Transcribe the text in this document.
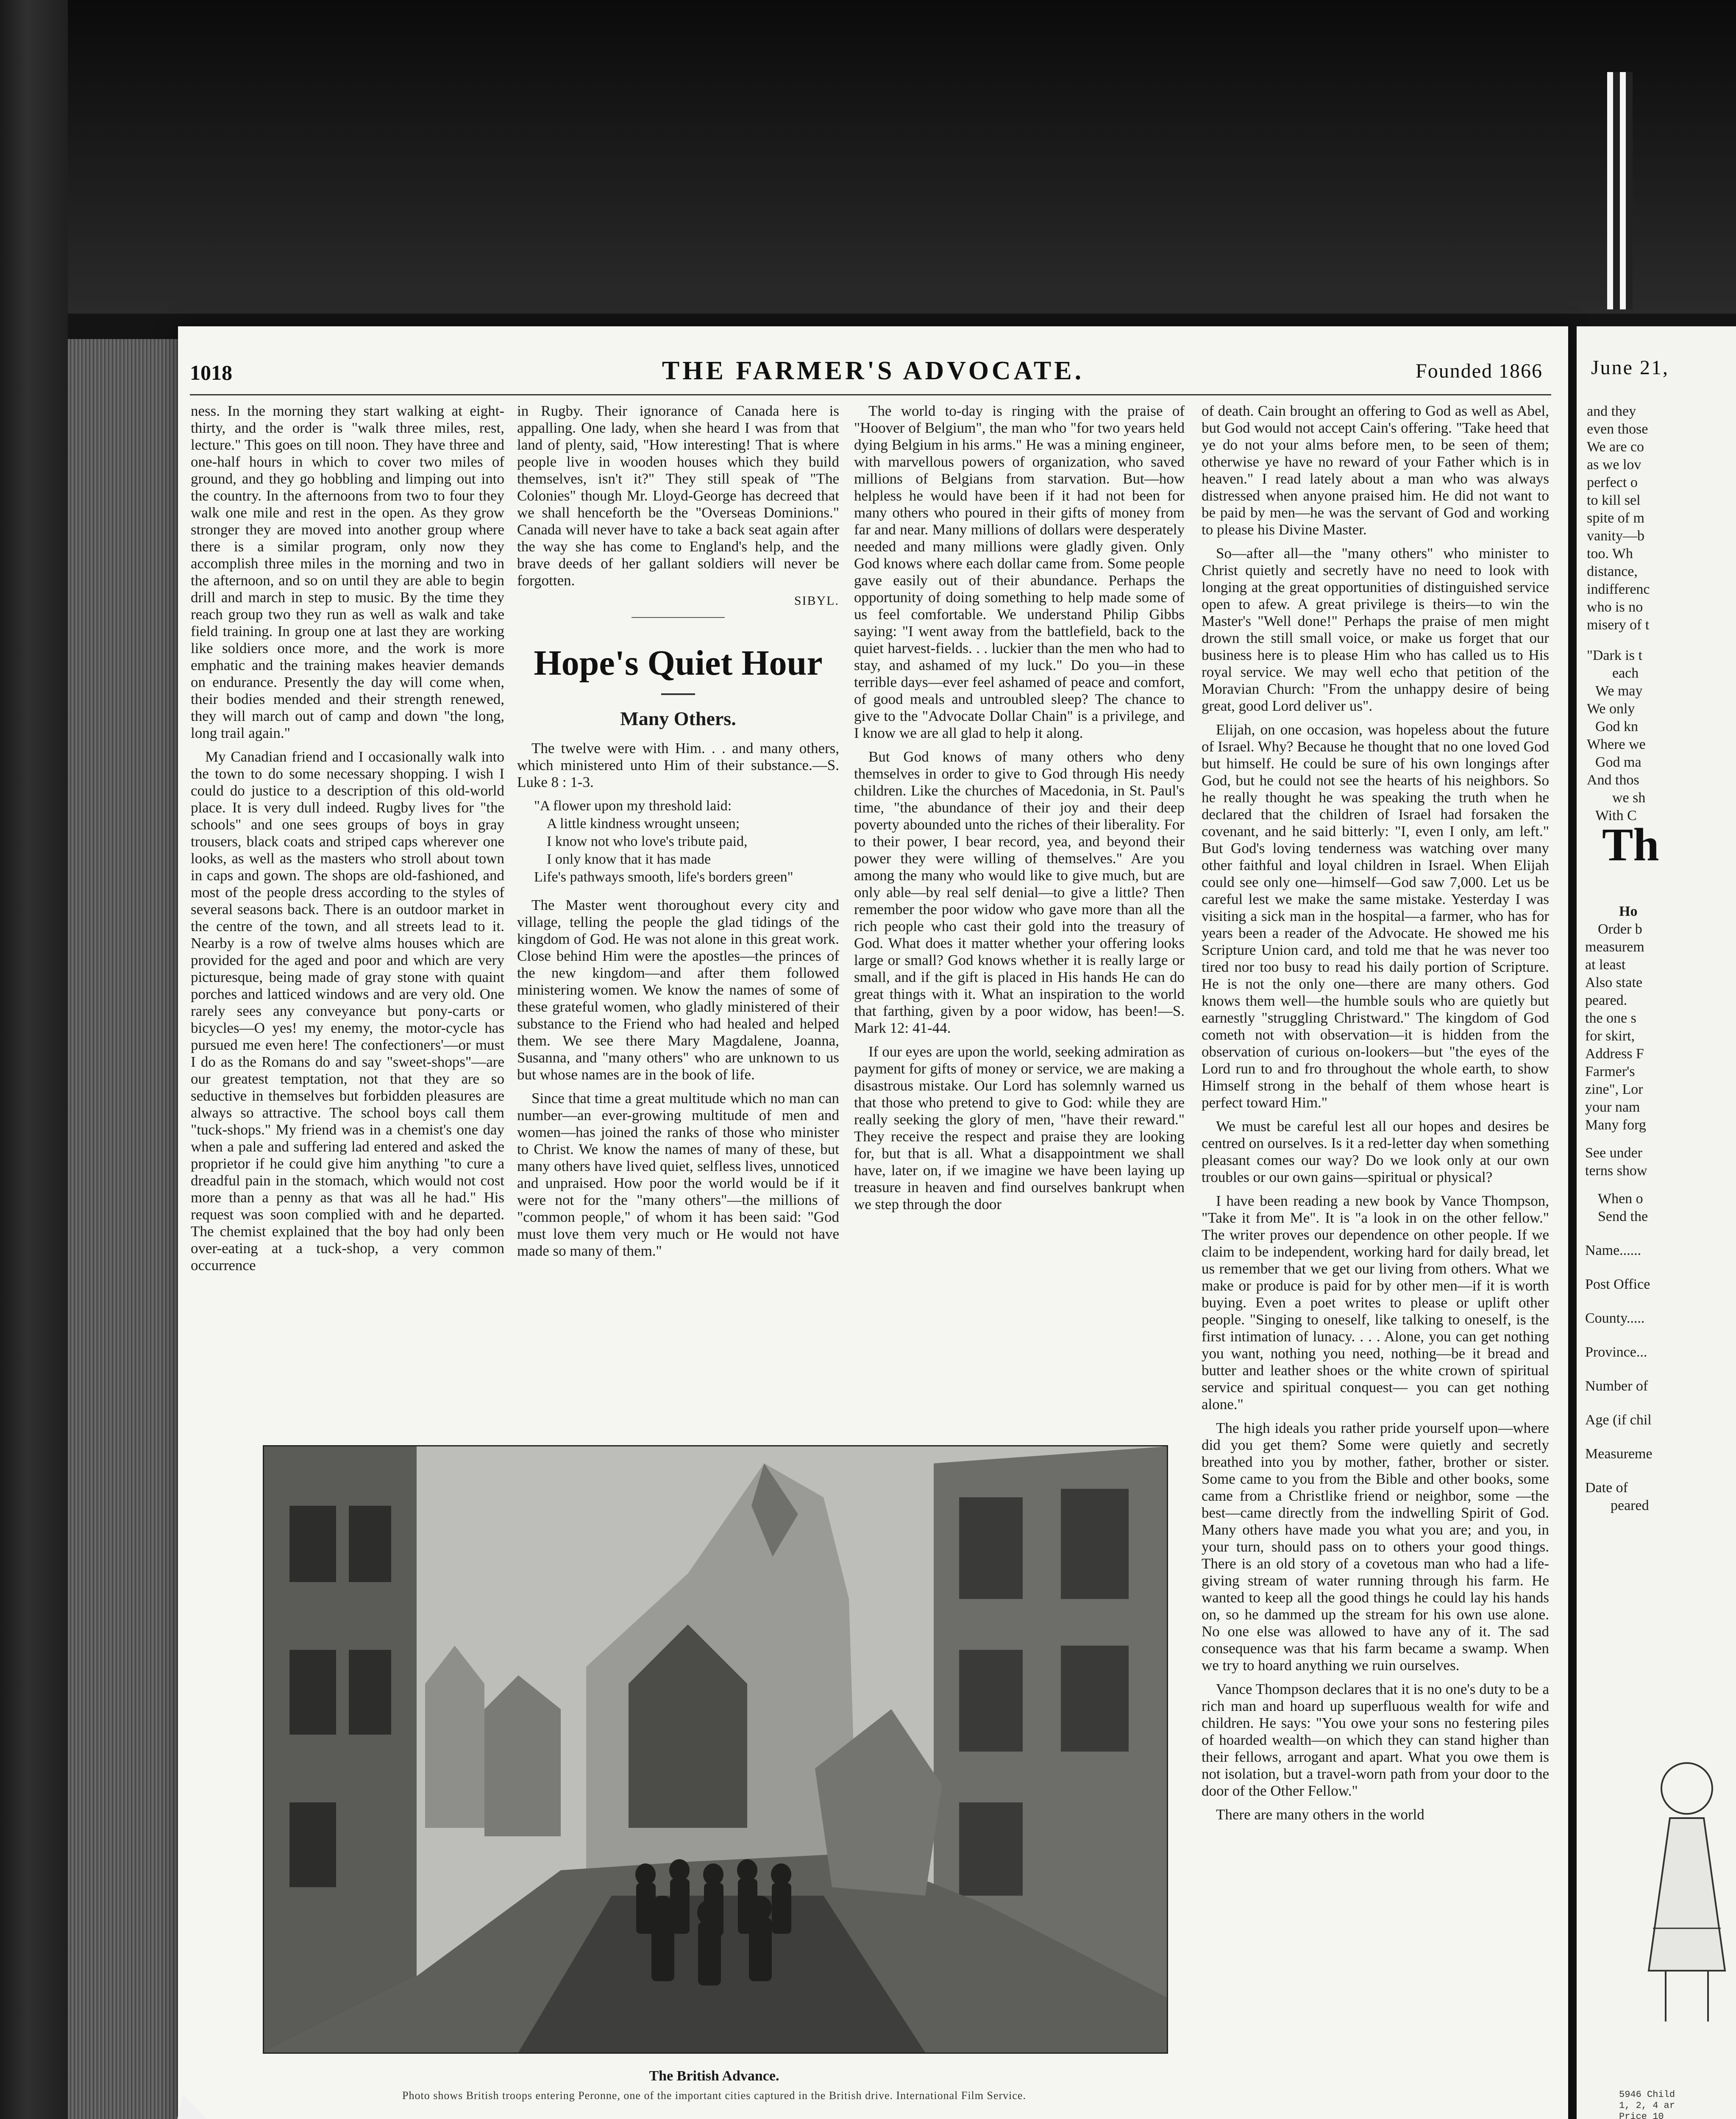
1018	THE FARMER'S ADVOCATE.	Founded 1866

ness. In the morning they start walking at eight-thirty, and the order is "walk three miles, rest, lecture." This goes on till noon. They have three and one-half hours in which to cover two miles of ground, and they go hobbling and limping out into the country. In the afternoons from two to four they walk one mile and rest in the open. As they grow stronger they are moved into another group where there is a similar program, only now they accomplish three miles in the morning and two in the afternoon, and so on until they are able to begin drill and march in step to music. By the time they reach group two they run as well as walk and take field training. In group one at last they are working like soldiers once more, and the work is more emphatic and the training makes heavier demands on endurance. Presently the day will come when, their bodies mended and their strength renewed, they will march out of camp and down "the long, long trail again."

My Canadian friend and I occasionally walk into the town to do some necessary shopping. I wish I could do justice to a description of this old-world place. It is very dull indeed. Rugby lives for "the schools" and one sees groups of boys in gray trousers, black coats and striped caps wherever one looks, as well as the masters who stroll about town in caps and gown. The shops are old-fashioned, and most of the people dress according to the styles of several seasons back. There is an outdoor market in the centre of the town, and all streets lead to it. Nearby is a row of twelve alms houses which are provided for the aged and poor and which are very picturesque, being made of gray stone with quaint porches and latticed windows and are very old. One rarely sees any conveyance but pony-carts or bicycles—O yes! my enemy, the motor-cycle has pursued me even here! The confectioners'—or must I do as the Romans do and say "sweet-shops"—are our greatest temptation, not that they are so seductive in themselves but forbidden pleasures are always so attractive. The school boys call them "tuck-shops." My friend was in a chemist's one day when a pale and suffering lad entered and asked the proprietor if he could give him anything "to cure a dreadful pain in the stomach, which would not cost more than a penny as that was all he had." His request was soon complied with and he departed. The chemist explained that the boy had only been over-eating at a tuck-shop, a very common occurrence

in Rugby. Their ignorance of Canada here is appalling. One lady, when she heard I was from that land of plenty, said, "How interesting! That is where people live in wooden houses which they build themselves, isn't it?" They still speak of "The Colonies" though Mr. Lloyd-George has decreed that we shall henceforth be the "Overseas Dominions." Canada will never have to take a back seat again after the way she has come to England's help, and the brave deeds of her gallant soldiers will never be forgotten.

SIBYL.
Hope's Quiet Hour
Many Others.

The twelve were with Him. . . and many others, which ministered unto Him of their substance.—S. Luke 8 : 1-3.

"A flower upon my threshold laid:
A little kindness wrought unseen;
I know not who love's tribute paid,
I only know that it has made
Life's pathways smooth, life's borders green"

The Master went thoroughout every city and village, telling the people the glad tidings of the kingdom of God. He was not alone in this great work. Close behind Him were the apostles—the princes of the new kingdom—and after them followed ministering women. We know the names of some of these grateful women, who gladly ministered of their substance to the Friend who had healed and helped them. We see there Mary Magdalene, Joanna, Susanna, and "many others" who are unknown to us but whose names are in the book of life.

Since that time a great multitude which no man can number—an ever-growing multitude of men and women—has joined the ranks of those who minister to Christ. We know the names of many of these, but many others have lived quiet, selfless lives, unnoticed and unpraised. How poor the world would be if it were not for the "many others"—the millions of "common people," of whom it has been said: "God must love them very much or He would not have made so many of them."

The world to-day is ringing with the praise of "Hoover of Belgium", the man who "for two years held dying Belgium in his arms." He was a mining engineer, with marvellous powers of organization, who saved millions of Belgians from starvation. But—how helpless he would have been if it had not been for many others who poured in their gifts of money from far and near. Many millions of dollars were desperately needed and many millions were gladly given. Only God knows where each dollar came from. Some people gave easily out of their abundance. Perhaps the opportunity of doing something to help made some of us feel comfortable. We understand Philip Gibbs saying: "I went away from the battlefield, back to the quiet harvest-fields. . . luckier than the men who had to stay, and ashamed of my luck." Do you—in these terrible days—ever feel ashamed of peace and comfort, of good meals and untroubled sleep? The chance to give to the "Advocate Dollar Chain" is a privilege, and I know we are all glad to help it along.

But God knows of many others who deny themselves in order to give to God through His needy children. Like the churches of Macedonia, in St. Paul's time, "the abundance of their joy and their deep poverty abounded unto the riches of their liberality. For to their power, I bear record, yea, and beyond their power they were willing of themselves." Are you among the many who would like to give much, but are only able—by real self denial—to give a little? Then remember the poor widow who gave more than all the rich people who cast their gold into the treasury of God. What does it matter whether your offering looks large or small? God knows whether it is really large or small, and if the gift is placed in His hands He can do great things with it. What an inspiration to the world that farthing, given by a poor widow, has been!—S. Mark 12: 41-44.

If our eyes are upon the world, seeking admiration as payment for gifts of money or service, we are making a disastrous mistake. Our Lord has solemnly warned us that those who pretend to give to God: while they are really seeking the glory of men, "have their reward." They receive the respect and praise they are looking for, but that is all. What a disappointment we shall have, later on, if we imagine we have been laying up treasure in heaven and find ourselves bankrupt when we step through the door

of death. Cain brought an offering to God as well as Abel, but God would not accept Cain's offering. "Take heed that ye do not your alms before men, to be seen of them; otherwise ye have no reward of your Father which is in heaven." I read lately about a man who was always distressed when anyone praised him. He did not want to be paid by men—he was the servant of God and working to please his Divine Master.

So—after all—the "many others" who minister to Christ quietly and secretly have no need to look with longing at the great opportunities of distinguished service open to afew. A great privilege is theirs—to win the Master's "Well done!" Perhaps the praise of men might drown the still small voice, or make us forget that our business here is to please Him who has called us to His royal service. We may well echo that petition of the Moravian Church: "From the unhappy desire of being great, good Lord deliver us".

Elijah, on one occasion, was hopeless about the future of Israel. Why? Because he thought that no one loved God but himself. He could be sure of his own longings after God, but he could not see the hearts of his neighbors. So he really thought he was speaking the truth when he declared that the children of Israel had forsaken the covenant, and he said bitterly: "I, even I only, am left." But God's loving tenderness was watching over many other faithful and loyal children in Israel. When Elijah could see only one—himself—God saw 7,000. Let us be careful lest we make the same mistake. Yesterday I was visiting a sick man in the hospital—a farmer, who has for years been a reader of the Advocate. He showed me his Scripture Union card, and told me that he was never too tired nor too busy to read his daily portion of Scripture. He is not the only one—there are many others. God knows them well—the humble souls who are quietly but earnestly "struggling Christward." The kingdom of God cometh not with observation—it is hidden from the observation of curious on-lookers—but "the eyes of the Lord run to and fro throughout the whole earth, to show Himself strong in the behalf of them whose heart is perfect toward Him."

We must be careful lest all our hopes and desires be centred on ourselves. Is it a red-letter day when something pleasant comes our way? Do we look only at our own troubles or our own gains—spiritual or physical?

I have been reading a new book by Vance Thompson, "Take it from Me". It is "a look in on the other fellow." The writer proves our dependence on other people. If we claim to be independent, working hard for daily bread, let us remember that we get our living from others. What we make or produce is paid for by other men—if it is worth buying. Even a poet writes to please or uplift other people. "Singing to oneself, like talking to oneself, is the first intimation of lunacy. . . . Alone, you can get nothing you want, nothing you need, nothing—be it bread and butter and leather shoes or the white crown of spiritual service and spiritual conquest— you can get nothing alone."

The high ideals you rather pride yourself upon—where did you get them? Some were quietly and secretly breathed into you by mother, father, brother or sister. Some came to you from the Bible and other books, some came from a Christlike friend or neighbor, some —the best—came directly from the indwelling Spirit of God. Many others have made you what you are; and you, in your turn, should pass on to others your good things. There is an old story of a covetous man who had a life-giving stream of water running through his farm. He wanted to keep all the good things he could lay his hands on, so he dammed up the stream for his own use alone. No one else was allowed to have any of it. The sad consequence was that his farm became a swamp. When we try to hoard anything we ruin ourselves.

Vance Thompson declares that it is no one's duty to be a rich man and hoard up superfluous wealth for wife and children. He says: "You owe your sons no festering piles of hoarded wealth—on which they can stand higher than their fellows, arrogant and apart. What you owe them is not isolation, but a travel-worn path from your door to the door of the Other Fellow."

There are many others in the world

The British Advance.
Photo shows British troops entering Peronne, one of the important cities captured in the British drive. International Film Service.
June 21,
and they
even those
We are co
as we lov
perfect o
to kill sel
spite of m
vanity—b
too. Wh
distance,
indifferenc
who is no
misery of t
"Dark is t
each
We may
We only
God kn
Where we
God ma
And thos
we sh
With C
Th
Ho
Order b
measurem
at least
Also state
peared.
the one s
for skirt,
Address F
Farmer's
zine", Lor
your nam
Many forg
See under
terns show
When o
Send the
Name......
Post Office
County.....
Province...
Number of
Age (if chil
Measureme
Date of
peared
5946 Child
1, 2, 4 ar
Price 10
